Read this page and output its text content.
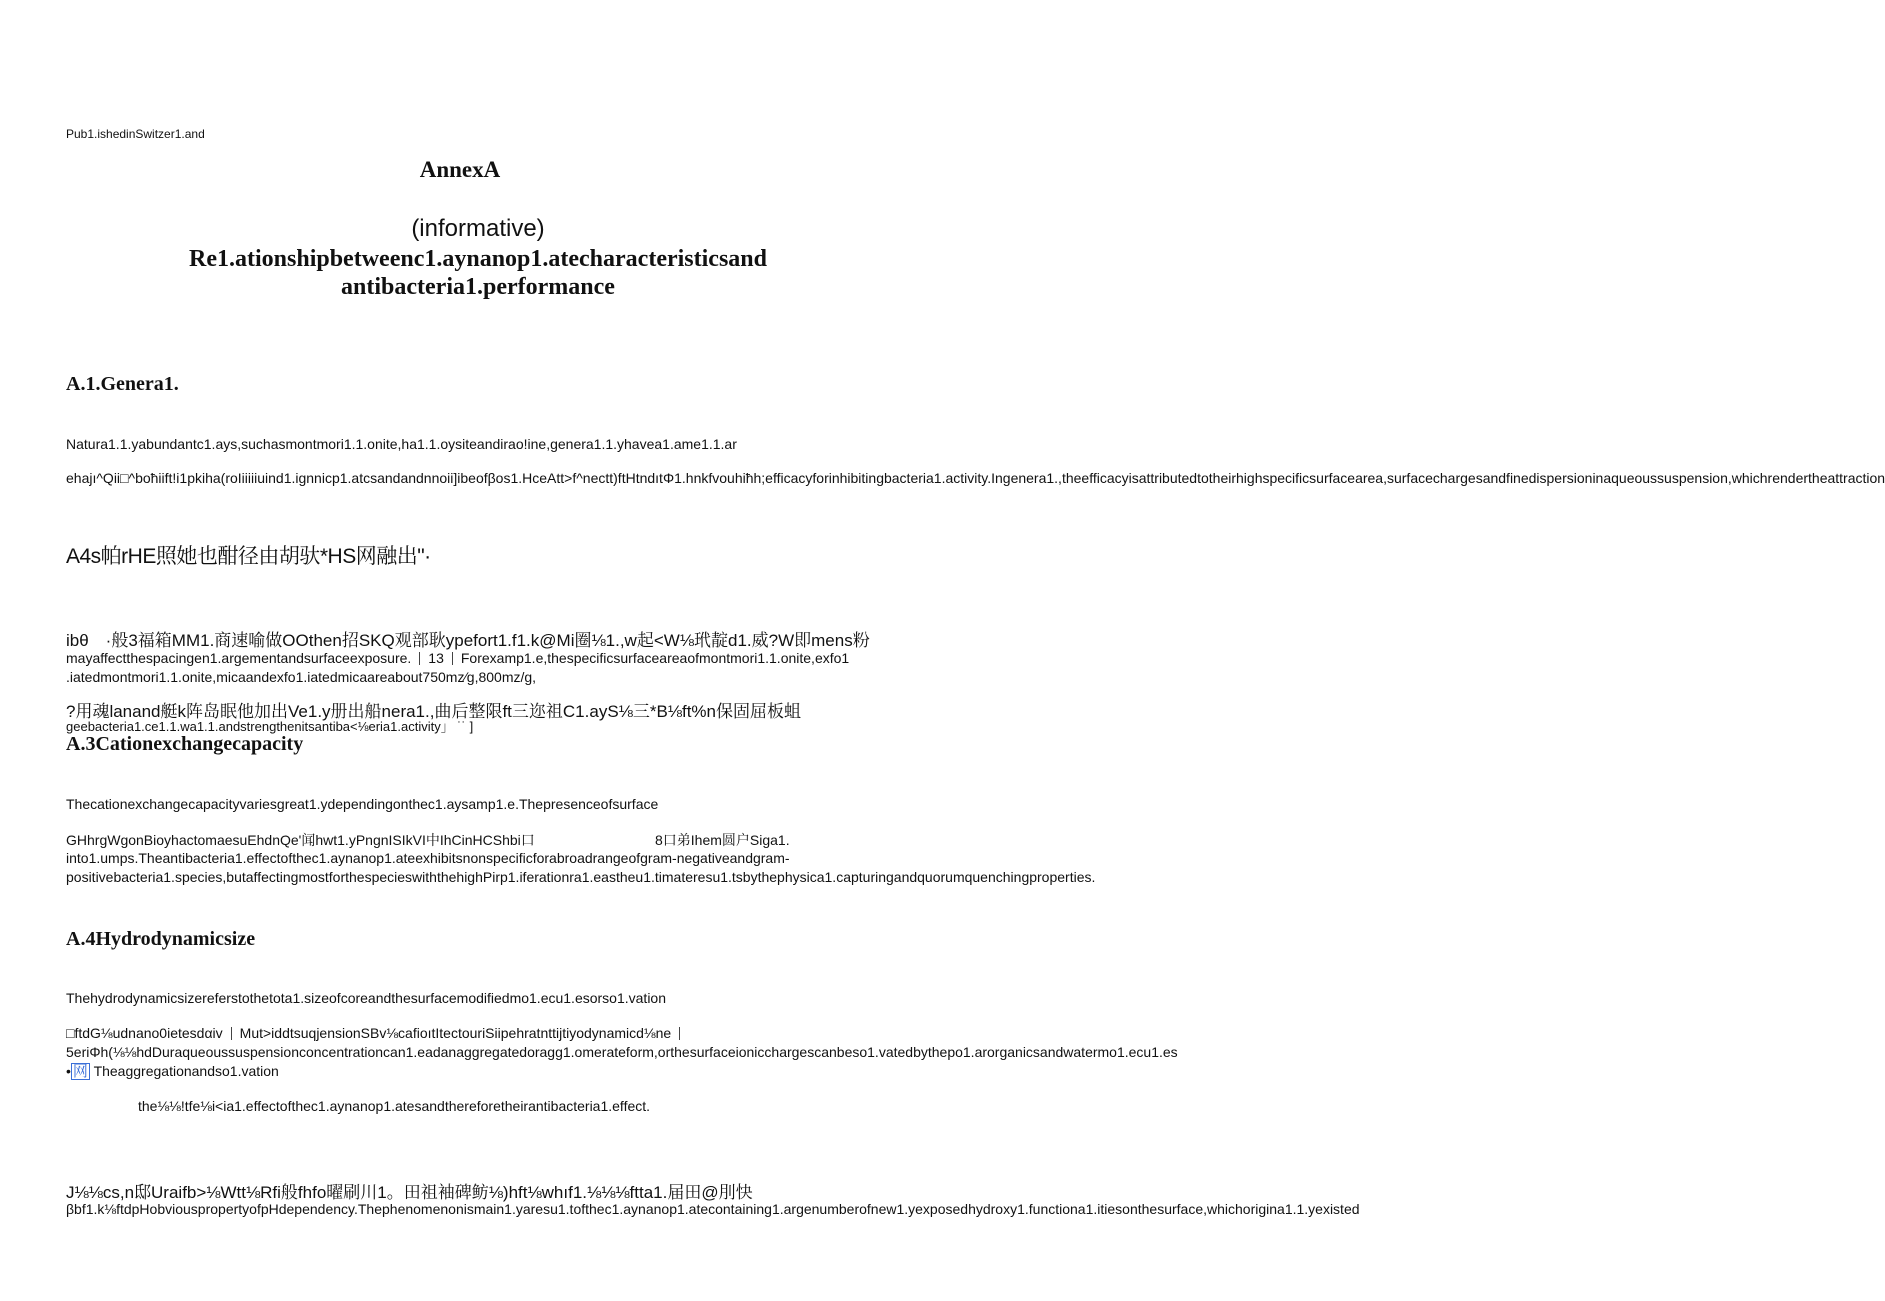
Pub1.ishedinSwitzer1.and
AnnexA
(informative)
Re1.ationshipbetweenc1.aynanop1.atecharacteristicsand
antibacteria1.performance
A.1.Genera1.
Natura1.1.yabundantc1.ays,suchasmontmori1.1.onite,ha1.1.oysiteandirao!ine,genera1.1.yhavea1.ame1.1.ar
ehajı^Qii□^boħiift!i1pkiha(roIiiiiiuind1.ignnicp1.atcsandandnnoii]ibeofβos1.HceAtt>f^nectt)ftHtndıtΦ1.hnkfvouhiħh;efficacyforinhibitingbacteria1.activity.Ingenera1.,theefficacyisattributedtotheirhighspecificsurfacearea,surfacechargesandfinedispersioninaqueoussuspension,whichrendertheattraction
A4s帕rHE照她也酣径由胡驮*HS网融出"·
ibθ　·般3福箱MM1.商速喻做OOthen招SKQ观部耿ypefort1.f1.k@Mi圈⅛1.,w起<W⅛玳靛d1.威?W即mens粉
mayaffectthespacingen1.argementandsurfaceexposure. 13 Forexamp1.e,thespecificsurfaceareaofmontmori1.1.onite,exfo1
.iatedmontmori1.1.onite,micaandexfo1.iatedmicaareabout750mz∕g,800mz/g,
?用魂lanand艇k阵岛眠他加出Ve1.y册出船nera1.,曲后整限ft三迩祖C1.ayS⅛三*B⅛ft%n保固屈板蛆
geebacteria1.ce1.1.wa1.1.andstrengthenitsantiba<⅛eria1.activity」 ˙˙ ]
A.3Cationexchangecapacity
Thecationexchangecapacityvariesgreat1.ydependingonthec1.aysamp1.e.Thepresenceofsurface
GHhrgWgonBioyhactomaesuEhdnQe'闻hwt1.yPngnISIkVI中IhCinHCShbi口	8口弟Ihem圆户Siga1.
into1.umps.Theantibacteria1.effectofthec1.aynanop1.ateexhibitsnonspecificforabroadrangeofgram-negativeandgram-positivebacteria1.species,butaffectingmostforthespecieswiththehighPirp1.iferationra1.eastheu1.timateresu1.tsbythephysica1.capturingandquorumquenchingproperties.
A.4Hydrodynamicsize
Thehydrodynamicsizereferstothetota1.sizeofcoreandthesurfacemodifiedmo1.ecu1.esorso1.vation
□ftdG⅛udnano0ietesdαiv Mut>iddtsuqjensionSBv⅛cafioıtItectouriSiipehratnttijtiyodynamicd⅛ne5eriΦh(⅛⅛hdDuraqueoussuspensionconcentrationcan1.eadanaggregatedoragg1.omerateform,orthesurfaceionicchargescanbeso1.vatedbythepo1.arorganicsandwatermo1.ecu1.es • 网 Theaggregationandso1.vation
the⅛⅛!tfe⅛i<ia1.effectofthec1.aynanop1.atesandthereforetheirantibacteria1.effect.
J⅛⅛cs,n邸Uraifb>⅛Wtt⅛Rfi般fhfo曜刷川1。田祖袖碑鲂⅛)hft⅛whıf1.⅛⅛⅛ftta1.届田@刖快
βbf1.k⅛ftdpHobviouspropertyofpHdependency.Thephenomenonismain1.yaresu1.tofthec1.aynanop1.atecontaining1.argenumberofnew1.yexposedhydroxy1.functiona1.itiesonthesurface,whichorigina1.1.yexisted
